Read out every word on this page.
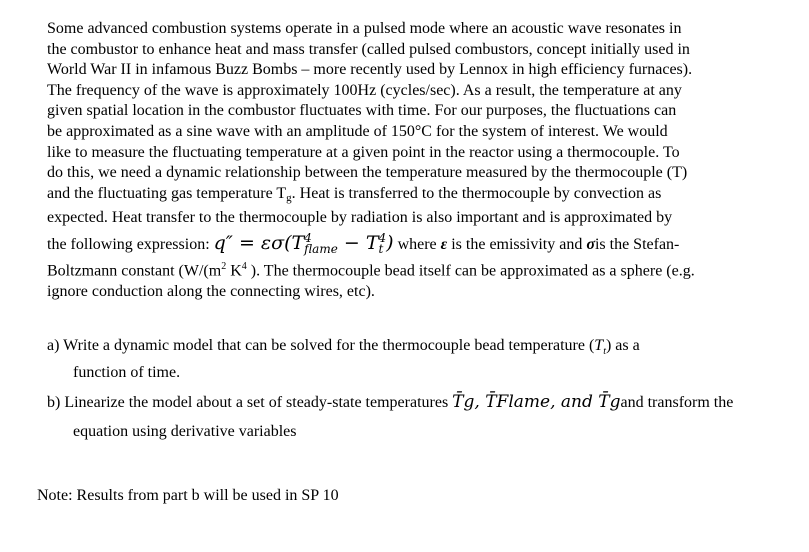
Some advanced combustion systems operate in a pulsed mode where an acoustic wave resonates in
the combustor to enhance heat and mass transfer (called pulsed combustors, concept initially used in
World War II in infamous Buzz Bombs – more recently used by Lennox in high efficiency furnaces).
The frequency of the wave is approximately 100Hz (cycles/sec). As a result, the temperature at any
given spatial location in the combustor fluctuates with time. For our purposes, the fluctuations can
be approximated as a sine wave with an amplitude of 150°C for the system of interest. We would
like to measure the fluctuating temperature at a given point in the reactor using a thermocouple. To
do this, we need a dynamic relationship between the temperature measured by the thermocouple (T)
and the fluctuating gas temperature Tg. Heat is transferred to the thermocouple by convection as
expected. Heat transfer to the thermocouple by radiation is also important and is approximated by
the following expression: q″ = εσ(T 4
flame − T 4
t ) where ε is the emissivity and σis the Stefan-
Boltzmann constant ($W/(m^2$ $K^4$ ). The thermocouple bead itself can be approximated as a sphere (e.g.
ignore conduction along the connecting wires, etc).

a) Write a dynamic model that can be solved for the thermocouple bead temperature $(T_t)$ as a
function of time.
b) Linearize the model about a set of steady-state temperatures T̄g, T̄Flame, and T̄gand transform the
equation using derivative variables
Note: Results from part b will be used in SP 10
